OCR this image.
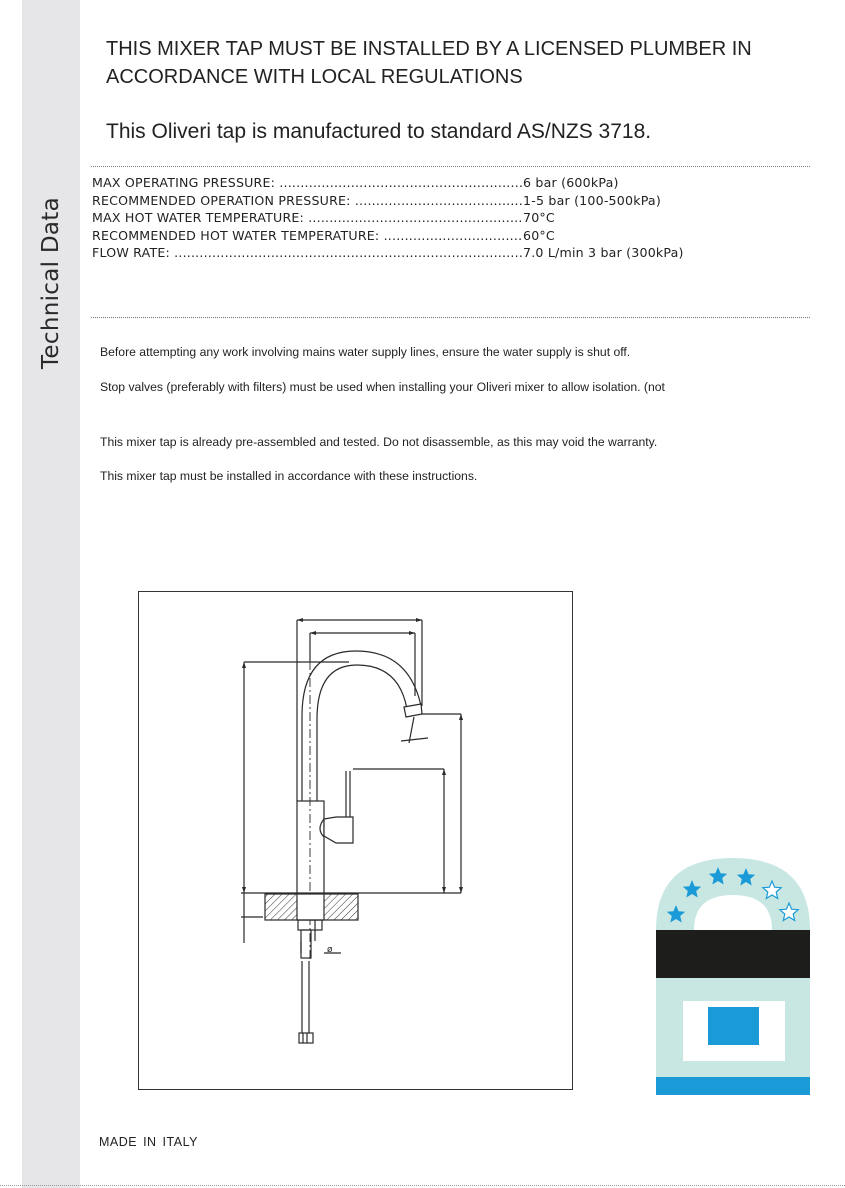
Technical Data
THIS MIXER TAP MUST BE INSTALLED BY A LICENSED PLUMBER IN
ACCORDANCE WITH LOCAL REGULATIONS
This Oliveri tap is manufactured to standard AS/NZS 3718.
MAX OPERATING PRESSURE: .....	6 bar (600kPa)
RECOMMENDED OPERATION PRESSURE: .....	1-5 bar (100-500kPa)
MAX HOT WATER TEMPERATURE: .....	70°C
RECOMMENDED HOT WATER TEMPERATURE: .....	60°C
FLOW RATE: .....	7.0 L/min 3 bar (300kPa)
Before attempting any work involving mains water supply lines, ensure the water supply is shut off.
Stop valves (preferably with filters) must be used when installing your Oliveri mixer to allow isolation. (not
This mixer tap is already pre-assembled and tested. Do not disassemble, as this may void the warranty.
This mixer tap must be installed in accordance with these instructions.
ø
MADE IN ITALY
